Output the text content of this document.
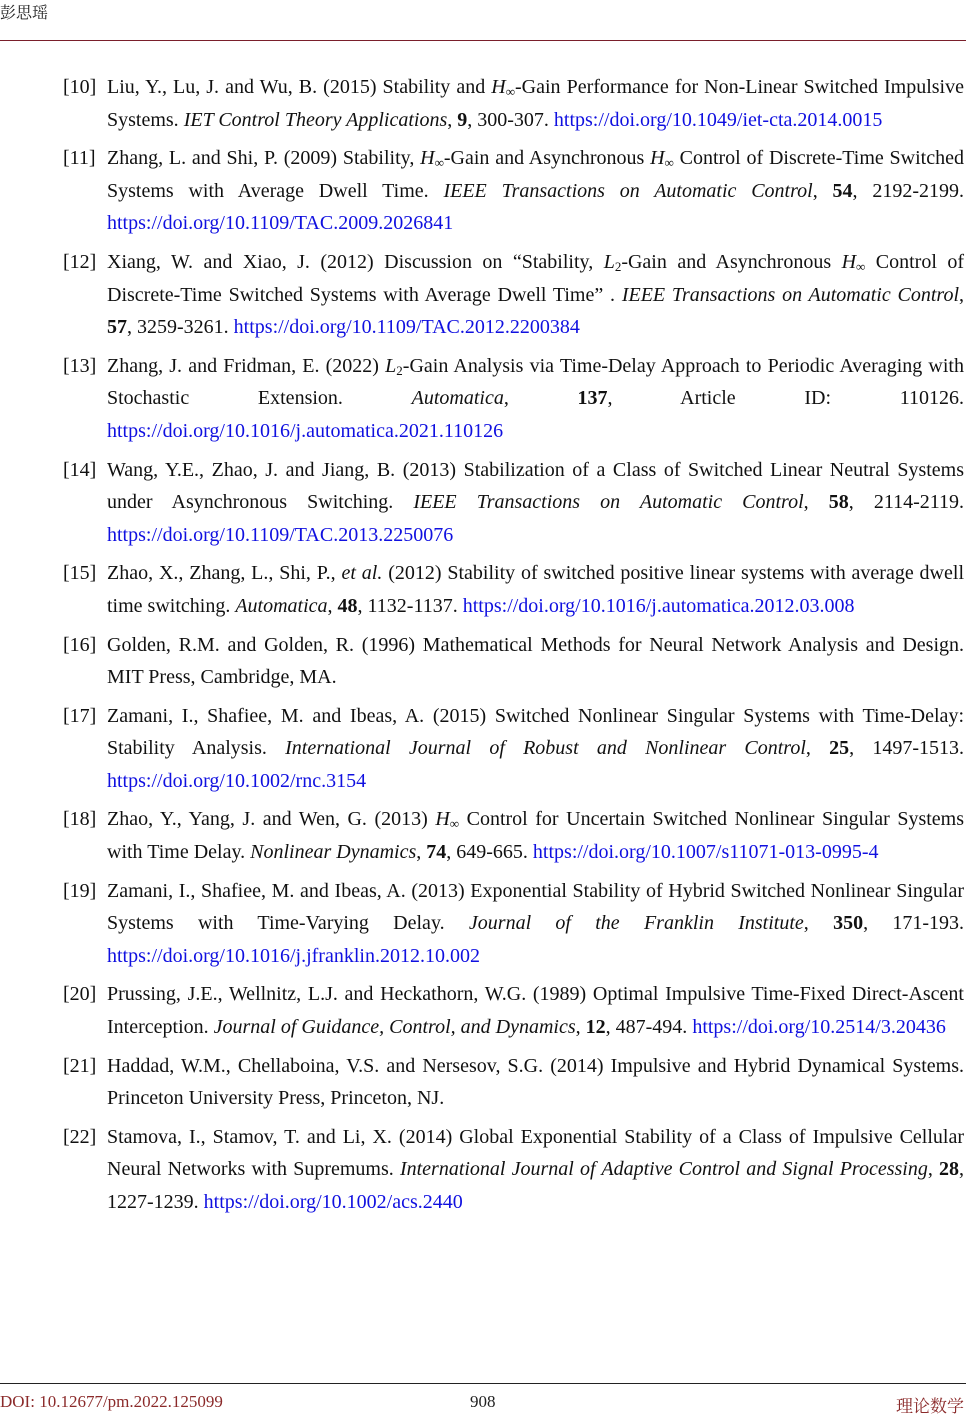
彭思瑶
[10] Liu, Y., Lu, J. and Wu, B. (2015) Stability and $H_\infty$-Gain Performance for Non-Linear Switched Impulsive Systems. IET Control Theory Applications, 9, 300-307. https://doi.org/10.1049/iet-cta.2014.0015
[11] Zhang, L. and Shi, P. (2009) Stability, $H_\infty$-Gain and Asynchronous $H_\infty$ Control of Discrete-Time Switched Systems with Average Dwell Time. IEEE Transactions on Automatic Control, 54, 2192-2199. https://doi.org/10.1109/TAC.2009.2026841
[12] Xiang, W. and Xiao, J. (2012) Discussion on “Stability, $L_2$-Gain and Asynchronous $H_\infty$ Control of Discrete-Time Switched Systems with Average Dwell Time” . IEEE Transactions on Automatic Control, 57, 3259-3261. https://doi.org/10.1109/TAC.2012.2200384
[13] Zhang, J. and Fridman, E. (2022) $L_2$-Gain Analysis via Time-Delay Approach to Periodic Averaging with Stochastic Extension. Automatica, 137, Article ID: 110126. https://doi.org/10.1016/j.automatica.2021.110126
[14] Wang, Y.E., Zhao, J. and Jiang, B. (2013) Stabilization of a Class of Switched Linear Neutral Systems under Asynchronous Switching. IEEE Transactions on Automatic Control, 58, 2114-2119. https://doi.org/10.1109/TAC.2013.2250076
[15] Zhao, X., Zhang, L., Shi, P., et al. (2012) Stability of switched positive linear systems with average dwell time switching. Automatica, 48, 1132-1137. https://doi.org/10.1016/j.automatica.2012.03.008
[16] Golden, R.M. and Golden, R. (1996) Mathematical Methods for Neural Network Analysis and Design. MIT Press, Cambridge, MA.
[17] Zamani, I., Shafiee, M. and Ibeas, A. (2015) Switched Nonlinear Singular Systems with Time-Delay: Stability Analysis. International Journal of Robust and Nonlinear Control, 25, 1497-1513. https://doi.org/10.1002/rnc.3154
[18] Zhao, Y., Yang, J. and Wen, G. (2013) $H_\infty$ Control for Uncertain Switched Nonlinear Singular Systems with Time Delay. Nonlinear Dynamics, 74, 649-665. https://doi.org/10.1007/s11071-013-0995-4
[19] Zamani, I., Shafiee, M. and Ibeas, A. (2013) Exponential Stability of Hybrid Switched Nonlinear Singular Systems with Time-Varying Delay. Journal of the Franklin Institute, 350, 171-193. https://doi.org/10.1016/j.jfranklin.2012.10.002
[20] Prussing, J.E., Wellnitz, L.J. and Heckathorn, W.G. (1989) Optimal Impulsive Time-Fixed Direct-Ascent Interception. Journal of Guidance, Control, and Dynamics, 12, 487-494. https://doi.org/10.2514/3.20436
[21] Haddad, W.M., Chellaboina, V.S. and Nersesov, S.G. (2014) Impulsive and Hybrid Dynamical Systems. Princeton University Press, Princeton, NJ.
[22] Stamova, I., Stamov, T. and Li, X. (2014) Global Exponential Stability of a Class of Impulsive Cellular Neural Networks with Supremums. International Journal of Adaptive Control and Signal Processing, 28, 1227-1239. https://doi.org/10.1002/acs.2440
DOI: 10.12677/pm.2022.125099	908	理论数学
